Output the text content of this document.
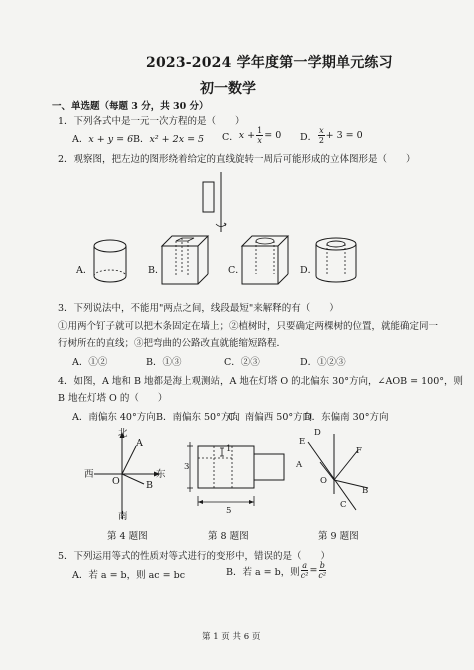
2023-2024 学年度第一学期单元练习
初一数学
一、单选题（每题 3 分，共 30 分）
1．下列各式中是一元一次方程的是（　　）
A．x + y = 6 B．x² + 2x = 5 C． $x + \frac{1}{x} = 0$ D． $\frac{x}{2} + 3 = 0$
2．观察图，把左边的图形绕着给定的直线旋转一周后可能形成的立体图形是（　　）
A．	B．	C．	D．
3．下列说法中，不能用"两点之间，线段最短"来解释的有（　　）
①用两个钉子就可以把木条固定在墙上；②植树时，只要确定两棵树的位置，就能确定同一
行树所在的直线；③把弯曲的公路改直就能缩短路程．
A．①②	B．①③	C．②③	D．①②③
4．如图，A 地和 B 地都是海上观测站，A 地在灯塔 O 的北偏东 30°方向，∠AOB = 100°，则
B 地在灯塔 O 的（　　）
A．南偏东 40°方向 B．南偏东 50°方向
C．南偏西 50°方向
D．东偏南 30°方向
北
A
西	东
O	B
南
第 4 题图
3
1
5
第 8 题图
D
E
F
A
O
B
C
第 9 题图
5．下列运用等式的性质对等式进行的变形中，错误的是（　　）
A．若 a = b，则 ac = bc	B．若 a = b，则 $\frac{a}{\text{c²}} = \frac{b}{\text{c²}}$
第 1 页 共 6 页
